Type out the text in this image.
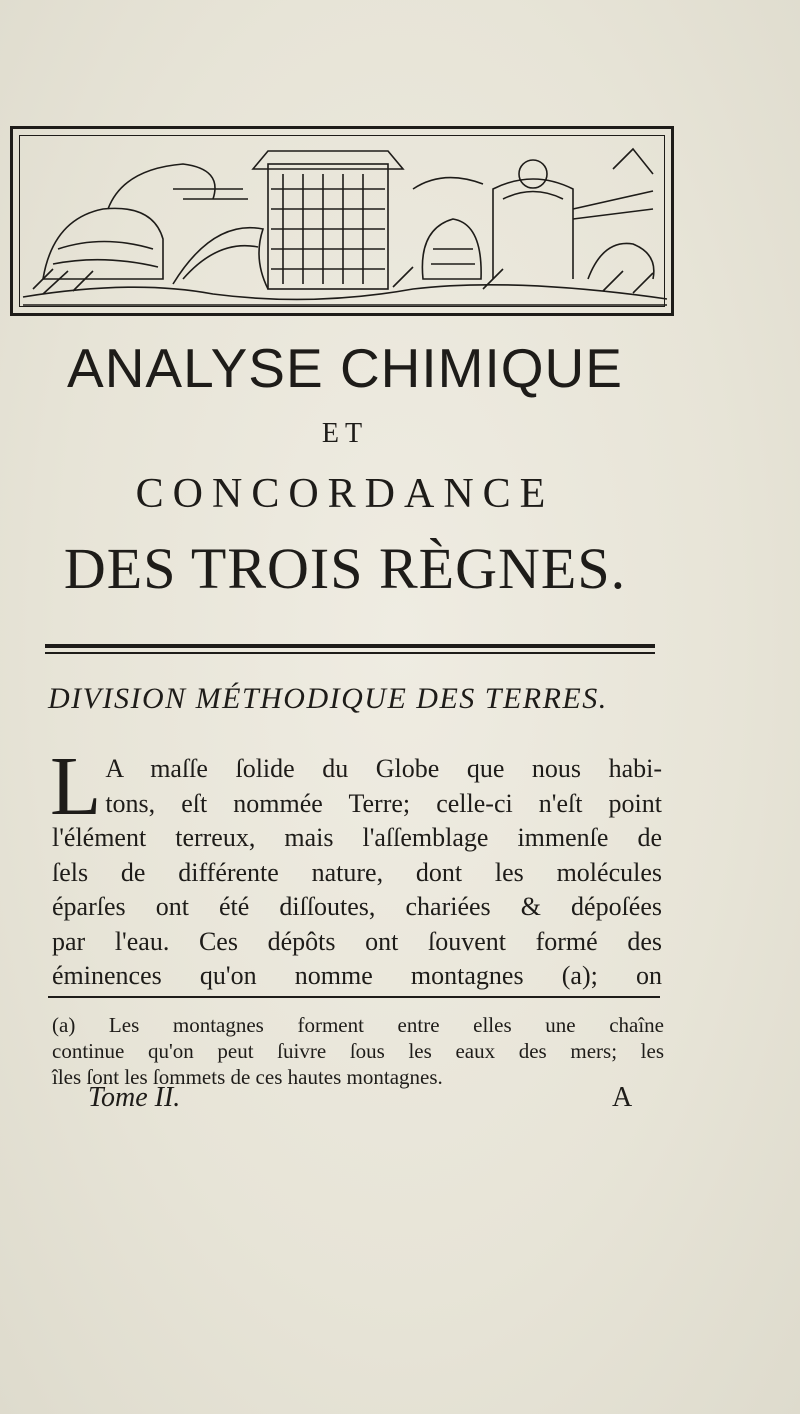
ANALYSE CHIMIQUE
ET
CONCORDANCE
DES TROIS RÈGNES.
DIVISION MÉTHODIQUE DES TERRES.
L A maſſe ſolide du Globe que nous habi-
tons, eſt nommée Terre; celle-ci n'eſt point
l'élément terreux, mais l'aſſemblage immenſe de
ſels de différente nature, dont les molécules
éparſes ont été diſſoutes, chariées & dépoſées
par l'eau. Ces dépôts ont ſouvent formé des
éminences qu'on nomme montagnes (a); on
(a) Les montagnes forment entre elles une chaîne
continue qu'on peut ſuivre ſous les eaux des mers; les
îles ſont les ſommets de ces hautes montagnes.
Tome II.	A
